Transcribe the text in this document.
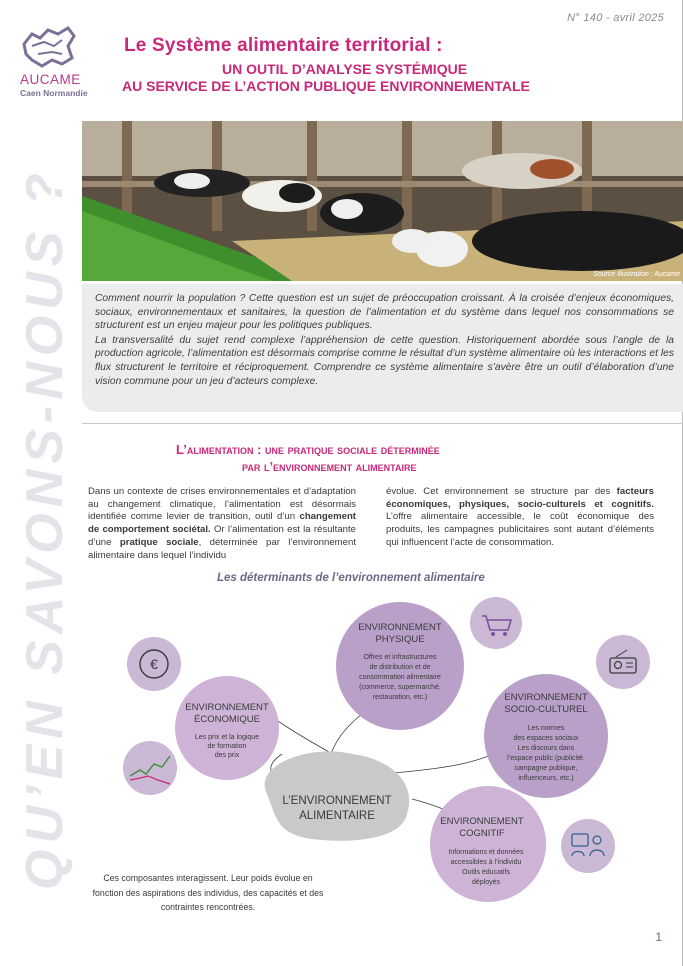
N° 140 - avril 2025
AUCAME
Caen Normandie
Le Système alimentaire territorial :
UN OUTIL D’ANALYSE SYSTÉMIQUE
AU SERVICE DE L’ACTION PUBLIQUE ENVIRONNEMENTALE
QU’EN SAVONS-NOUS ?	Source illustration : Aucame

Comment nourrir la population ? Cette question est un sujet de préoccupation croissant. À la croisée d’enjeux économiques, sociaux, environnementaux et sanitaires, la question de l’alimentation et du système dans lequel nos consommations se structurent est un enjeu majeur pour les politiques publiques.

La transversalité du sujet rend complexe l’appréhension de cette question. Historiquement abordée sous l’angle de la production agricole, l’alimentation est désormais comprise comme le résultat d’un système alimentaire où les interactions et les flux structurent le territoire et réciproquement. Comprendre ce système alimentaire s’avère être un outil d’élaboration d’une vision commune pour un jeu d’acteurs complexe.

L’alimentation : une pratique sociale déterminée
par l’environnement alimentaire
Dans un contexte de crises environnementales et d’adaptation au changement climatique, l’alimentation est désormais identifiée comme levier de transition, outil d’un changement de comportement sociétal. Or l’alimentation est la résultante d’une pratique sociale, déterminée par l’environnement alimentaire dans lequel l’individu
évolue. Cet environnement se structure par des facteurs économiques, physiques, socio-culturels et cognitifs. L’offre alimentaire accessible, le coût économique des produits, les campagnes publicitaires sont autant d’éléments qui influencent l’acte de consommation.
Les déterminants de l’environnement alimentaire
L’ENVIRONNEMENT
ALIMENTAIRE
ENVIRONNEMENT
ÉCONOMIQUE
Les prix et la logique
de formation
des prix
€
ENVIRONNEMENT
PHYSIQUE
Offres et infrastructures
de distribution et de
consommation alimentaire
(commerce, supermarché,
restauration, etc.)	ENVIRONNEMENT
SOCIO-CULTUREL
Les normes
des espaces sociaux
Les discours dans
l’espace public (publicité,
campagne publique,
influenceurs, etc.)
ENVIRONNEMENT
COGNITIF
Informations et données
accessibles à l’individu
Outils éducatifs
déployés
Ces composantes interagissent. Leur poids évolue en fonction des aspirations des individus, des capacités et des contraintes rencontrées.
1
